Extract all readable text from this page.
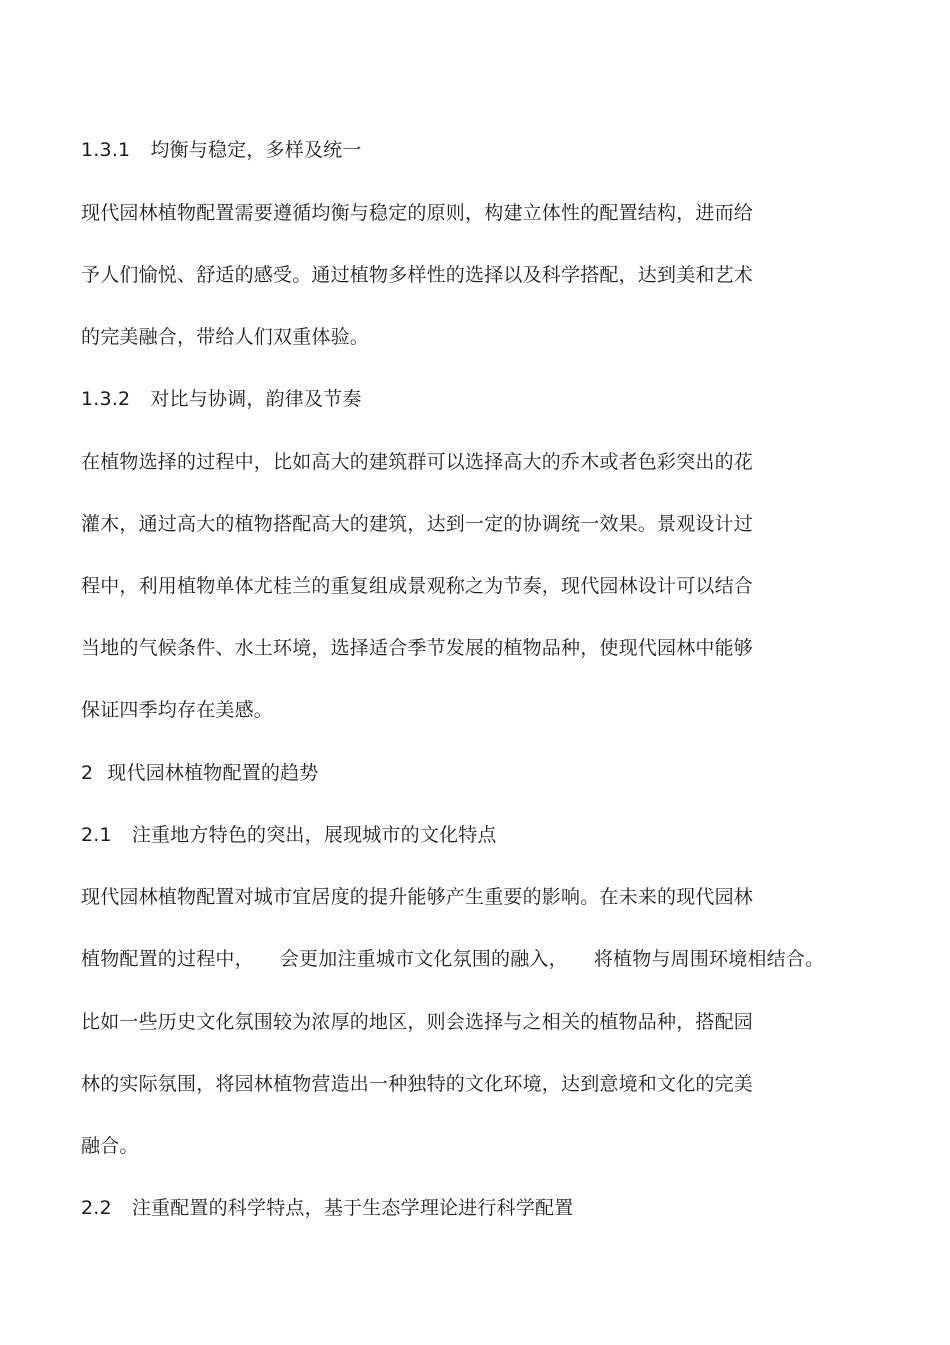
1.3.1 均衡与稳定，多样及统一
现代园林植物配置需要遵循均衡与稳定的原则，构建立体性的配置结构，进而给
予人们愉悦、舒适的感受。通过植物多样性的选择以及科学搭配，达到美和艺术
的完美融合，带给人们双重体验。
1.3.2 对比与协调，韵律及节奏
在植物选择的过程中，比如高大的建筑群可以选择高大的乔木或者色彩突出的花
灌木，通过高大的植物搭配高大的建筑，达到一定的协调统一效果。景观设计过
程中，利用植物单体尤桂兰的重复组成景观称之为节奏，现代园林设计可以结合
当地的气候条件、水土环境，选择适合季节发展的植物品种，使现代园林中能够
保证四季均存在美感。
2 现代园林植物配置的趋势
2.1 注重地方特色的突出，展现城市的文化特点
现代园林植物配置对城市宜居度的提升能够产生重要的影响。在未来的现代园林
植物配置的过程中， 会更加注重城市文化氛围的融入， 将植物与周围环境相结合。
比如一些历史文化氛围较为浓厚的地区，则会选择与之相关的植物品种，搭配园
林的实际氛围，将园林植物营造出一种独特的文化环境，达到意境和文化的完美
融合。
2.2 注重配置的科学特点，基于生态学理论进行科学配置
